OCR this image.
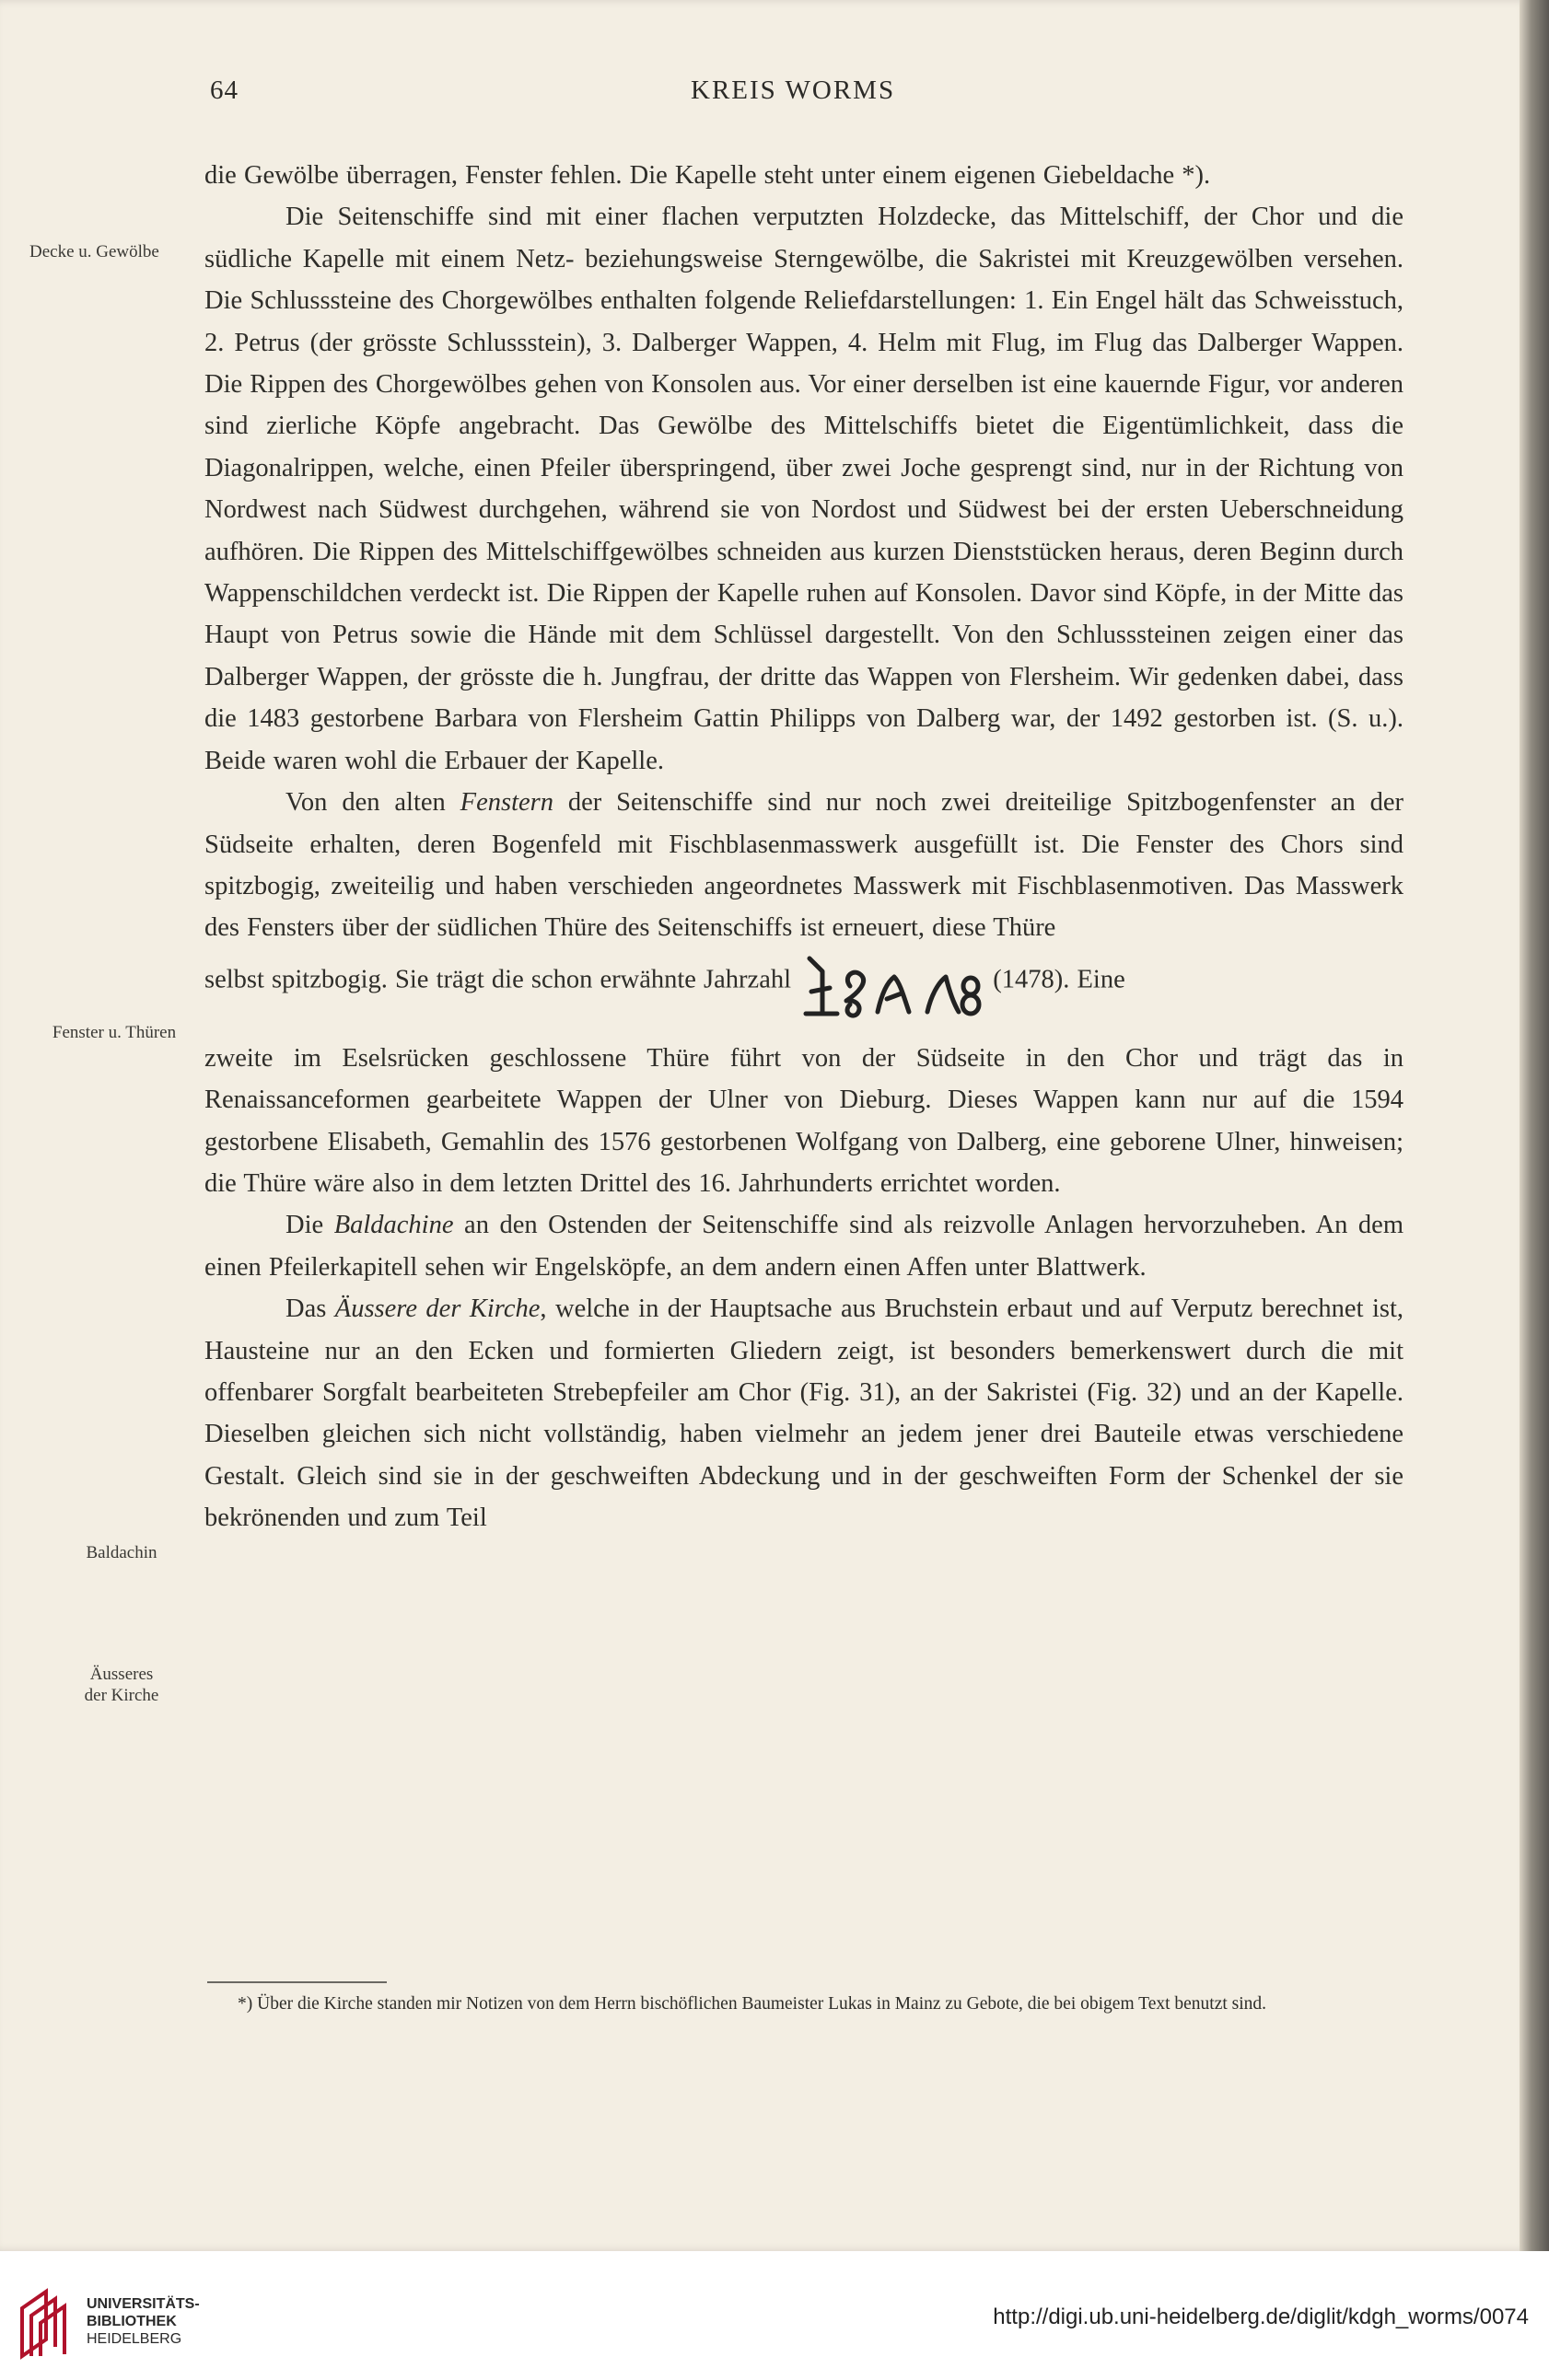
64	KREIS WORMS
Decke u. Gewölbe
Fenster u. Thüren
Baldachin
Äusseres
der Kirche

die Gewölbe überragen, Fenster fehlen. Die Kapelle steht unter einem eigenen Giebeldache *).

Die Seitenschiffe sind mit einer flachen verputzten Holzdecke, das Mittelschiff, der Chor und die südliche Kapelle mit einem Netz- beziehungsweise Sterngewölbe, die Sakristei mit Kreuzgewölben versehen. Die Schlusssteine des Chorgewölbes enthalten folgende Reliefdarstellungen: 1. Ein Engel hält das Schweisstuch, 2. Petrus (der grösste Schlussstein), 3. Dalberger Wappen, 4. Helm mit Flug, im Flug das Dalberger Wappen. Die Rippen des Chorgewölbes gehen von Konsolen aus. Vor einer derselben ist eine kauernde Figur, vor anderen sind zierliche Köpfe angebracht. Das Gewölbe des Mittelschiffs bietet die Eigentümlichkeit, dass die Diagonalrippen, welche, einen Pfeiler überspringend, über zwei Joche gesprengt sind, nur in der Richtung von Nordwest nach Südwest durchgehen, während sie von Nordost und Südwest bei der ersten Ueberschneidung aufhören. Die Rippen des Mittelschiffgewölbes schneiden aus kurzen Dienststücken heraus, deren Beginn durch Wappenschildchen verdeckt ist. Die Rippen der Kapelle ruhen auf Konsolen. Davor sind Köpfe, in der Mitte das Haupt von Petrus sowie die Hände mit dem Schlüssel dargestellt. Von den Schlusssteinen zeigen einer das Dalberger Wappen, der grösste die h. Jungfrau, der dritte das Wappen von Flersheim. Wir gedenken dabei, dass die 1483 gestorbene Barbara von Flersheim Gattin Philipps von Dalberg war, der 1492 gestorben ist. (S. u.). Beide waren wohl die Erbauer der Kapelle.

Von den alten Fenstern der Seitenschiffe sind nur noch zwei dreiteilige Spitzbogenfenster an der Südseite erhalten, deren Bogenfeld mit Fischblasenmasswerk ausgefüllt ist. Die Fenster des Chors sind spitzbogig, zweiteilig und haben verschieden angeordnetes Masswerk mit Fischblasenmotiven. Das Masswerk des Fensters über der südlichen Thüre des Seitenschiffs ist erneuert, diese Thüre

selbst spitzbogig. Sie trägt die schon erwähnte Jahrzahl	(1478). Eine

zweite im Eselsrücken geschlossene Thüre führt von der Südseite in den Chor und trägt das in Renaissanceformen gearbeitete Wappen der Ulner von Dieburg. Dieses Wappen kann nur auf die 1594 gestorbene Elisabeth, Gemahlin des 1576 gestorbenen Wolfgang von Dalberg, eine geborene Ulner, hinweisen; die Thüre wäre also in dem letzten Drittel des 16. Jahrhunderts errichtet worden.

Die Baldachine an den Ostenden der Seitenschiffe sind als reizvolle Anlagen hervorzuheben. An dem einen Pfeilerkapitell sehen wir Engelsköpfe, an dem andern einen Affen unter Blattwerk.

Das Äussere der Kirche, welche in der Hauptsache aus Bruchstein erbaut und auf Verputz berechnet ist, Hausteine nur an den Ecken und formierten Gliedern zeigt, ist besonders bemerkenswert durch die mit offenbarer Sorgfalt bearbeiteten Strebepfeiler am Chor (Fig. 31), an der Sakristei (Fig. 32) und an der Kapelle. Dieselben gleichen sich nicht vollständig, haben vielmehr an jedem jener drei Bauteile etwas verschiedene Gestalt. Gleich sind sie in der geschweiften Abdeckung und in der geschweiften Form der Schenkel der sie bekrönenden und zum Teil

*) Über die Kirche standen mir Notizen von dem Herrn bischöflichen Baumeister Lukas in Mainz zu Gebote, die bei obigem Text benutzt sind.
UNIVERSITÄTS-
BIBLIOTHEK
HEIDELBERG
http://digi.ub.uni-heidelberg.de/diglit/kdgh_worms/0074
